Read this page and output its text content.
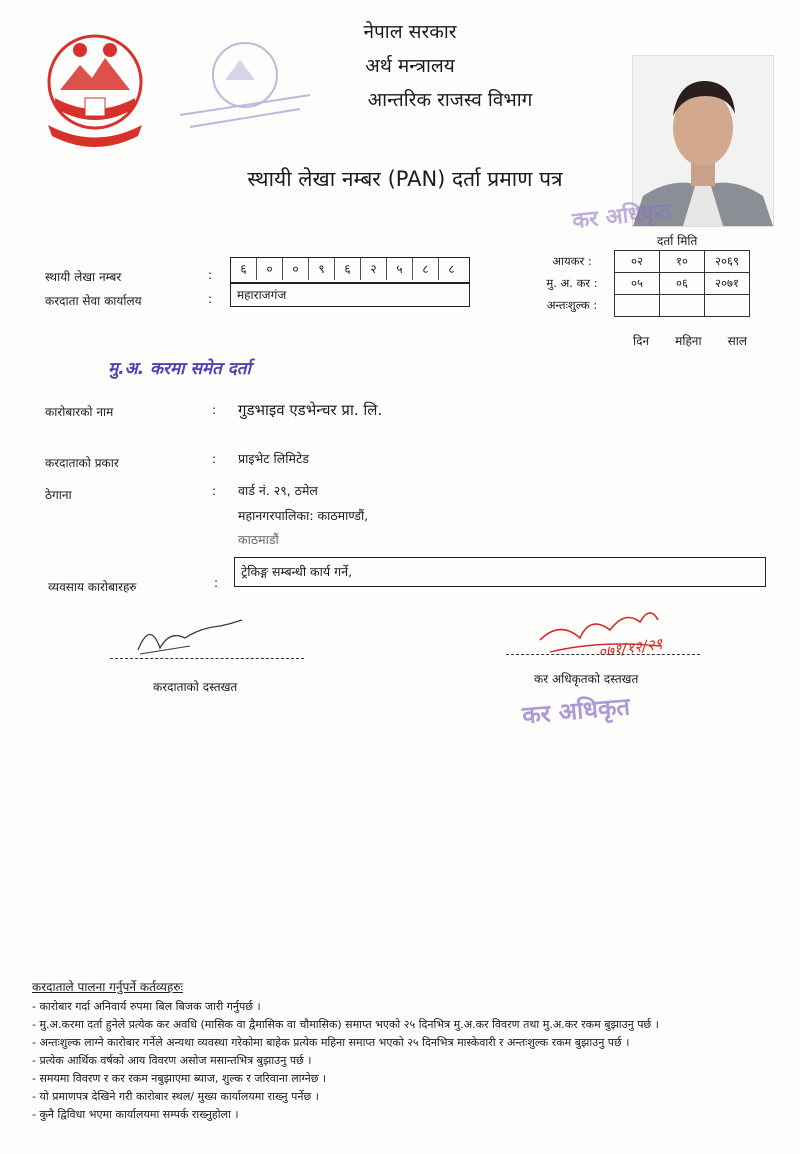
नेपाल सरकार
अर्थ मन्त्रालय
आन्तरिक राजस्व विभाग
स्थायी लेखा नम्बर (PAN) दर्ता प्रमाण पत्र
कर अधिकृत
दर्ता मिति
आयकर :	०२	१०	२०६९
मु. अ. कर :	०५	०६	२०७१
अन्तःशुल्क :			
दिन महिना साल
स्थायी लेखा नम्बर	:	६ ० ० ९ ६ २ ५ ८ ८
करदाता सेवा कार्यालय	:	महाराजगंज
मु.अ. करमा समेत दर्ता
कारोबारको नाम	: गुडभाइव एडभेन्चर प्रा. लि.
करदाताको प्रकार	: प्राइभेट लिमिटेड
ठेगाना	: वार्ड नं. २९, ठमेल
महानगरपालिका: काठमाण्डौं,
काठमाडौं
व्यवसाय कारोबारहरु	:
ट्रेकिङ्ग सम्बन्धी कार्य गर्ने,
करदाताको दस्तखत
०७१/१२/२९
कर अधिकृतको दस्तखत
कर अधिकृत
करदाताले पालना गर्नुपर्ने कर्तव्यहरुः
- कारोबार गर्दा अनिवार्य रुपमा बिल बिजक जारी गर्नुपर्छ ।
- मु.अ.करमा दर्ता हुनेले प्रत्येक कर अवधि (मासिक वा द्वैमासिक वा चौमासिक) समाप्त भएको २५ दिनभित्र मु.अ.कर विवरण तथा मु.अ.कर रकम बुझाउनु पर्छ ।
- अन्तःशुल्क लाग्ने कारोबार गर्नेले अन्यथा व्यवस्था गरेकोमा बाहेक प्रत्येक महिना समाप्त भएको २५ दिनभित्र मास्केवारी र अन्तःशुल्क रकम बुझाउनु पर्छ ।
- प्रत्येक आर्थिक वर्षको आय विवरण असोज मसान्तभित्र बुझाउनु पर्छ ।
- समयमा विवरण र कर रकम नबुझाएमा ब्याज, शुल्क र जरिवाना लाग्नेछ ।
- यो प्रमाणपत्र देखिने गरी कारोबार स्थल/ मुख्य कार्यालयमा राख्नु पर्नेछ ।
- कुनै द्विविधा भएमा कार्यालयमा सम्पर्क राख्नुहोला ।
